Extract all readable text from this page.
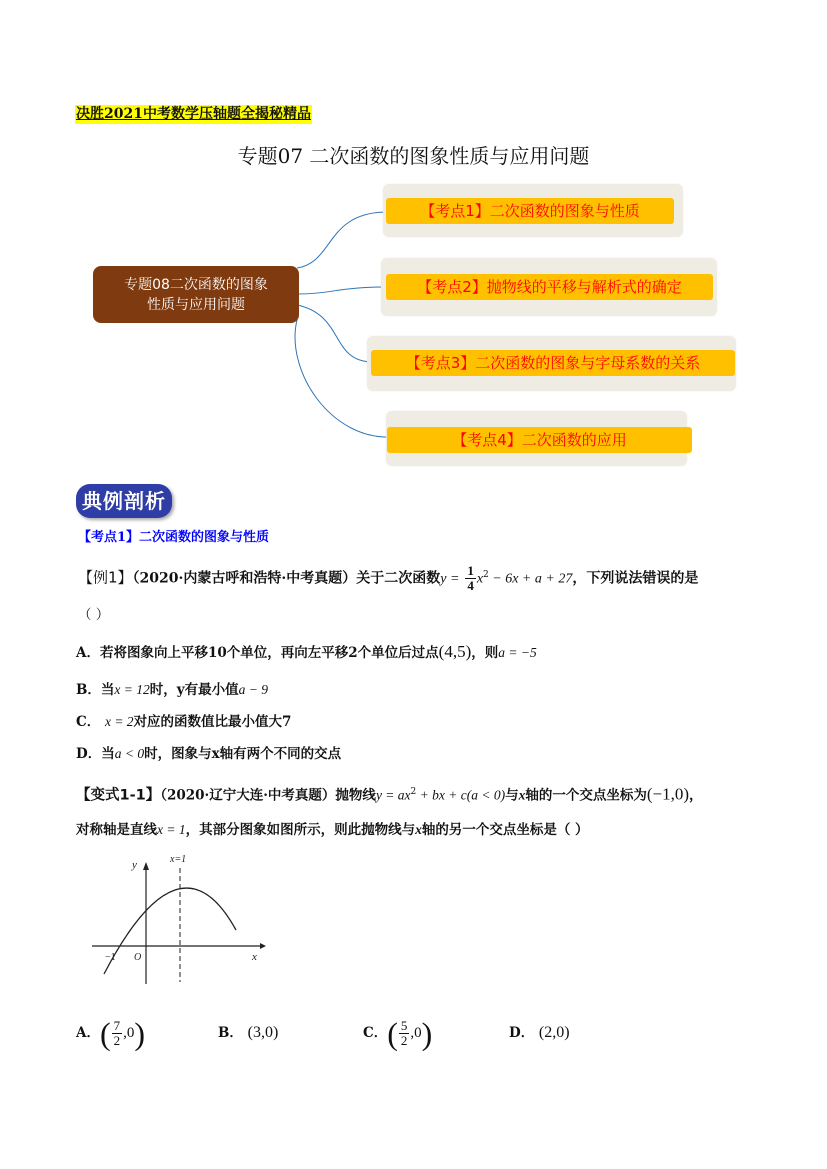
决胜2021中考数学压轴题全揭秘精品
专题07 二次函数的图象性质与应用问题
专题08二次函数的图象
性质与应用问题
【考点1】二次函数的图象与性质
【考点2】抛物线的平移与解析式的确定
【考点3】二次函数的图象与字母系数的关系
【考点4】二次函数的应用
典例剖析
【考点1】二次函数的图象与性质
【例1】（2020·内蒙古呼和浩特·中考真题）关于二次函数$y = \frac{1}{4} x^2 - 6x + a + 27$，下列说法错误的是
（ ）
A．若将图象向上平移10个单位，再向左平移2个单位后过点(4,5)，则a = −5
B．当x = 12时，y有最小值a − 9
C． x = 2对应的函数值比最小值大7
D．当a < 0时，图象与x轴有两个不同的交点
【变式1-1】（2020·辽宁大连·中考真题）抛物线$y = ax^2$ + bx + c(a < 0)与x轴的一个交点坐标为(−1,0)，
对称轴是直线x = 1，其部分图象如图所示，则此抛物线与x轴的另一个交点坐标是（ ）
y
x
x=1
−1 O
A．( $\frac{7}{2} ,0$)	B． (3,0)	C．( $\frac{5}{2} ,0$)	D． (2,0)
